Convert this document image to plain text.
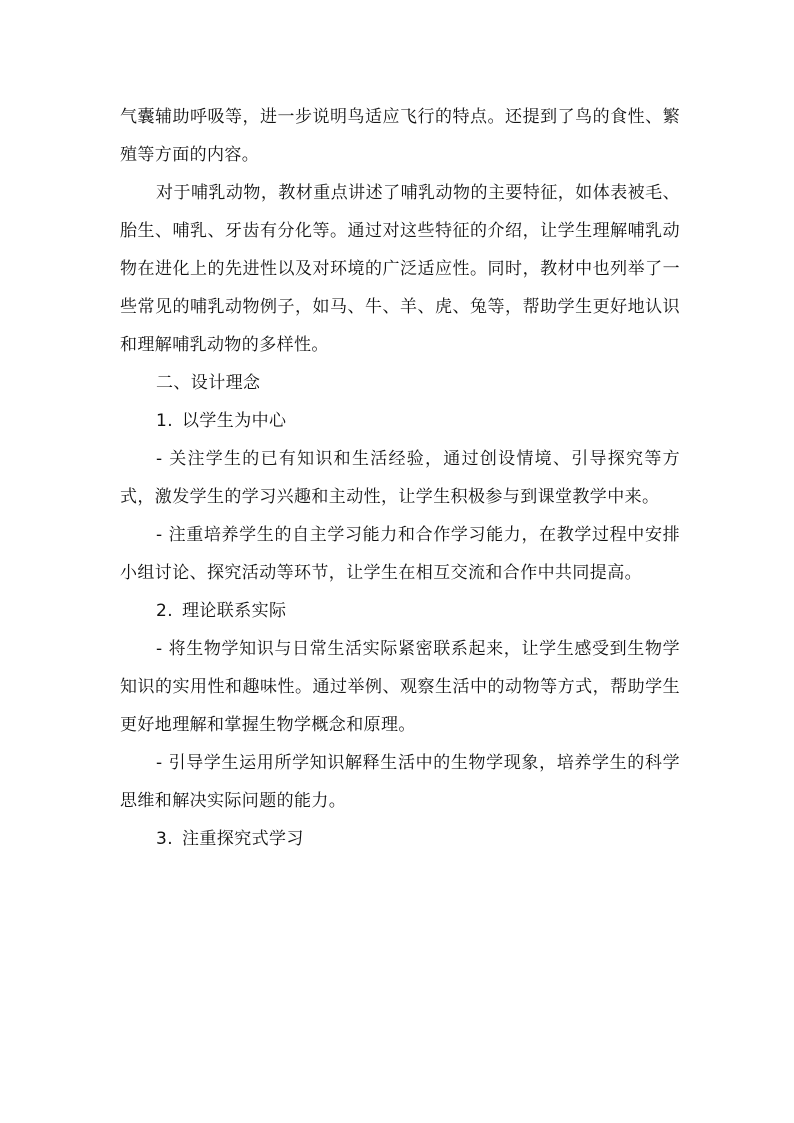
气囊辅助呼吸等，进一步说明鸟适应飞行的特点。还提到了鸟的食性、繁殖等方面的内容。

对于哺乳动物，教材重点讲述了哺乳动物的主要特征，如体表被毛、胎生、哺乳、牙齿有分化等。通过对这些特征的介绍，让学生理解哺乳动物在进化上的先进性以及对环境的广泛适应性。同时，教材中也列举了一些常见的哺乳动物例子，如马、牛、羊、虎、兔等，帮助学生更好地认识和理解哺乳动物的多样性。

二、设计理念

1. 以学生为中心

- 关注学生的已有知识和生活经验，通过创设情境、引导探究等方式，激发学生的学习兴趣和主动性，让学生积极参与到课堂教学中来。

- 注重培养学生的自主学习能力和合作学习能力，在教学过程中安排小组讨论、探究活动等环节，让学生在相互交流和合作中共同提高。

2. 理论联系实际

- 将生物学知识与日常生活实际紧密联系起来，让学生感受到生物学知识的实用性和趣味性。通过举例、观察生活中的动物等方式，帮助学生更好地理解和掌握生物学概念和原理。

- 引导学生运用所学知识解释生活中的生物学现象，培养学生的科学思维和解决实际问题的能力。

3. 注重探究式学习
